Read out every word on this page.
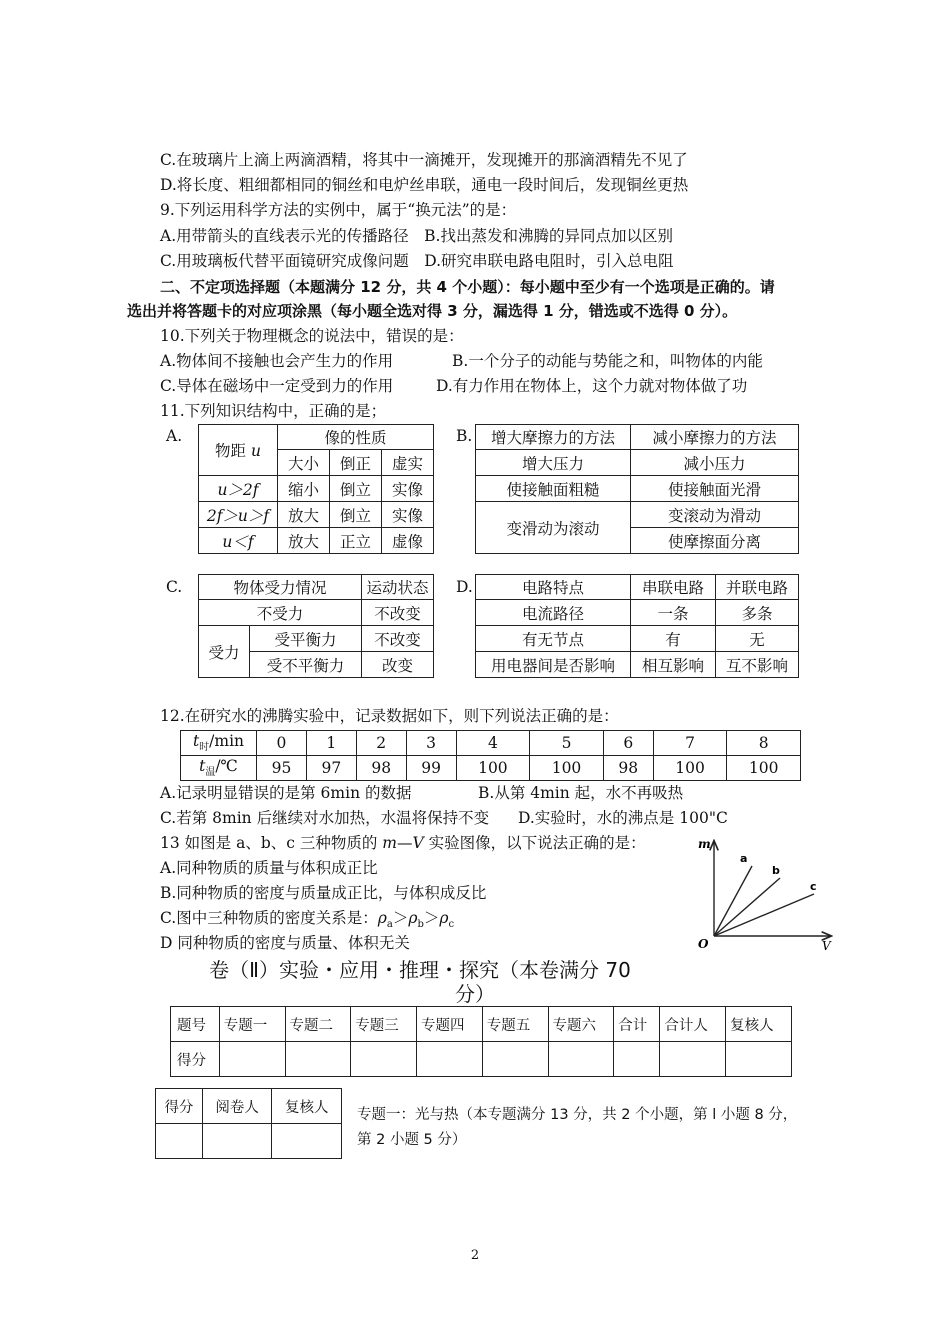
C.在玻璃片上滴上两滴酒精，将其中一滴摊开，发现摊开的那滴酒精先不见了
D.将长度、粗细都相同的铜丝和电炉丝串联，通电一段时间后，发现铜丝更热
9.下列运用科学方法的实例中，属于“换元法”的是：
A.用带箭头的直线表示光的传播路径　B.找出蒸发和沸腾的异同点加以区别
C.用玻璃板代替平面镜研究成像问题　D.研究串联电路电阻时，引入总电阻
二、不定项选择题（本题满分 12 分，共 4 个小题）：每小题中至少有一个选项是正确的。请
选出并将答题卡的对应项涂黑（每小题全选对得 3 分，漏选得 1 分，错选或不选得 0 分）。
10.下列关于物理概念的说法中，错误的是：
A.物体间不接触也会产生力的作用	B.一个分子的动能与势能之和，叫物体的内能
C.导体在磁场中一定受到力的作用	D.有力作用在物体上，这个力就对物体做了功
11.下列知识结构中，正确的是；
A.
物距 u	像的性质		
	大小	倒正	虚实
u＞2f	缩小	倒立	实像
2f＞u＞f	放大	倒立	实像
u＜f	放大	正立	虚像
B. 增大摩擦力的方法	减小摩擦力的方法
增大压力	减小压力
使接触面粗糙	使接触面光滑
变滑动为滚动	变滚动为滑动
	使摩擦面分离
C.	物体受力情况		运动状态
不受力		不改变
受力	受平衡力	不改变
	受不平衡力	改变
D.	电路特点	串联电路	并联电路
电流路径	一条	多条
有无节点	有	无
用电器间是否影响	相互影响	互不影响
12.在研究水的沸腾实验中，记录数据如下，则下列说法正确的是：
$t_时/\min$	0	1	2	3	4	5	6	7	8
$t_温/℃$	95	97	98	99	100	100	98	100	100
A.记录明显错误的是第 6min 的数据	B.从第 4min 起，水不再吸热
C.若第 8min 后继续对水加热，水温将保持不变 D.实验时，水的沸点是 100"C
13 如图是 a、b、c 三种物质的 m—V 实验图像，以下说法正确的是：
A.同种物质的质量与体积成正比
B.同种物质的密度与质量成正比，与体积成反比
C.图中三种物质的密度关系是：$\rho_a>\rho_b>\rho_c$
D 同种物质的密度与质量、体积无关
m
V
O
a
b
c
卷（Ⅱ）实验・应用・推理・探究（本卷满分 70
分）
题号	专题一	专题二	专题三	专题四	专题五	专题六	合计	合计人	复核人
得分									
得分	阅卷人	复核人
		专题一：光与热（本专题满分 13 分，共 2 个小题，第 l 小题 8 分，
第 2 小题 5 分）
2
